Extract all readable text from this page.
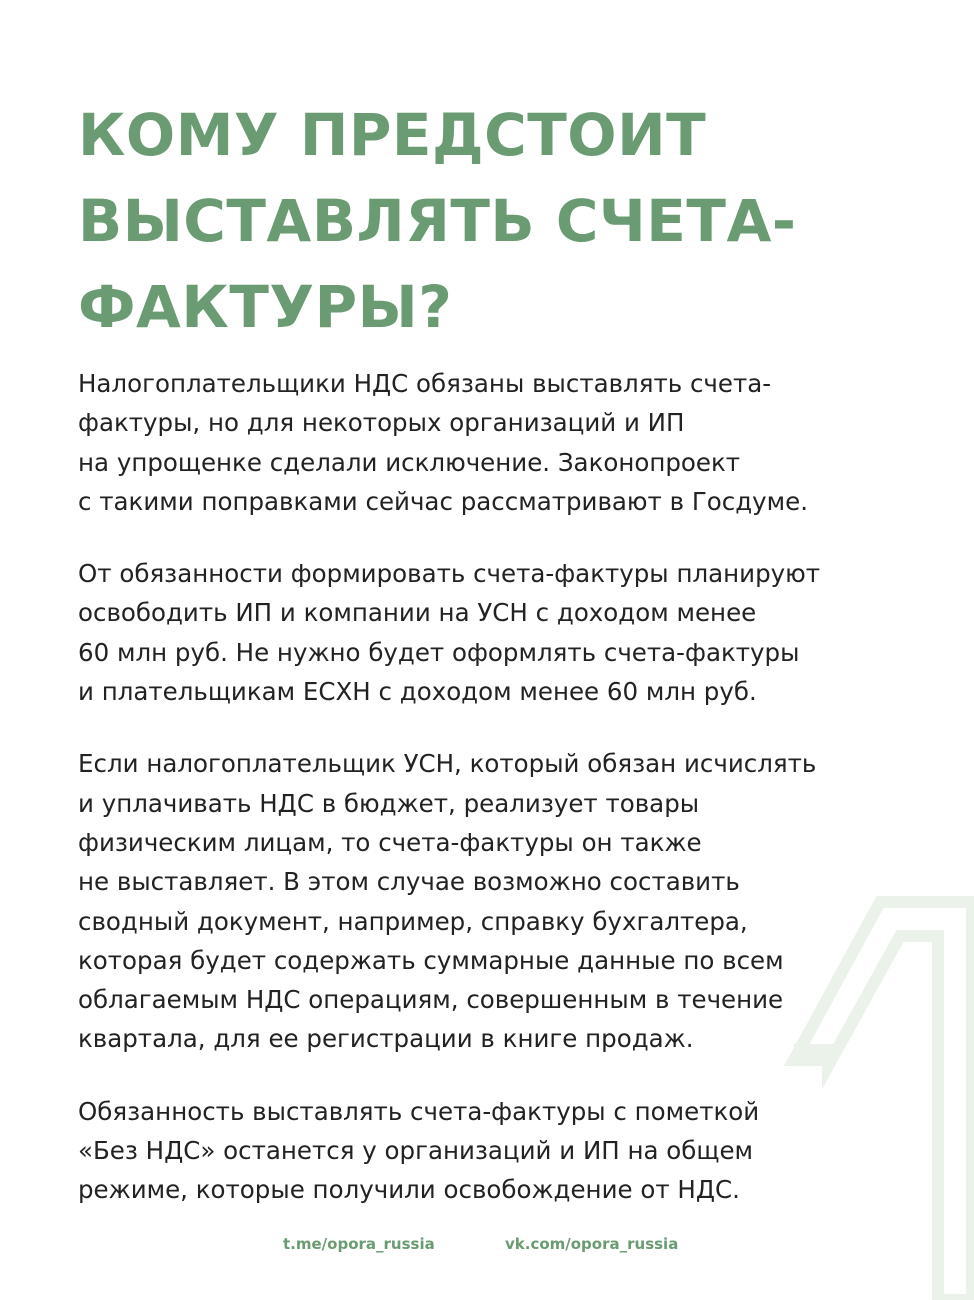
КОМУ ПРЕДСТОИТ
ВЫСТАВЛЯТЬ СЧЕТА-
ФАКТУРЫ?

Налогоплательщики НДС обязаны выставлять счета-
фактуры, но для некоторых организаций и ИП
на упрощенке сделали исключение. Законопроект
с такими поправками сейчас рассматривают в Госдуме.

От обязанности формировать счета-фактуры планируют
освободить ИП и компании на УСН с доходом менее
60 млн руб. Не нужно будет оформлять счета-фактуры
и плательщикам ЕСХН с доходом менее 60 млн руб.

Если налогоплательщик УСН, который обязан исчислять
и уплачивать НДС в бюджет, реализует товары
физическим лицам, то счета-фактуры он также
не выставляет. В этом случае возможно составить
сводный документ, например, справку бухгалтера,
которая будет содержать суммарные данные по всем
облагаемым НДС операциям, совершенным в течение
квартала, для ее регистрации в книге продаж.

Обязанность выставлять счета-фактуры с пометкой
«Без НДС» останется у организаций и ИП на общем
режиме, которые получили освобождение от НДС.

t.me/opora_russia	vk.com/opora_russia
